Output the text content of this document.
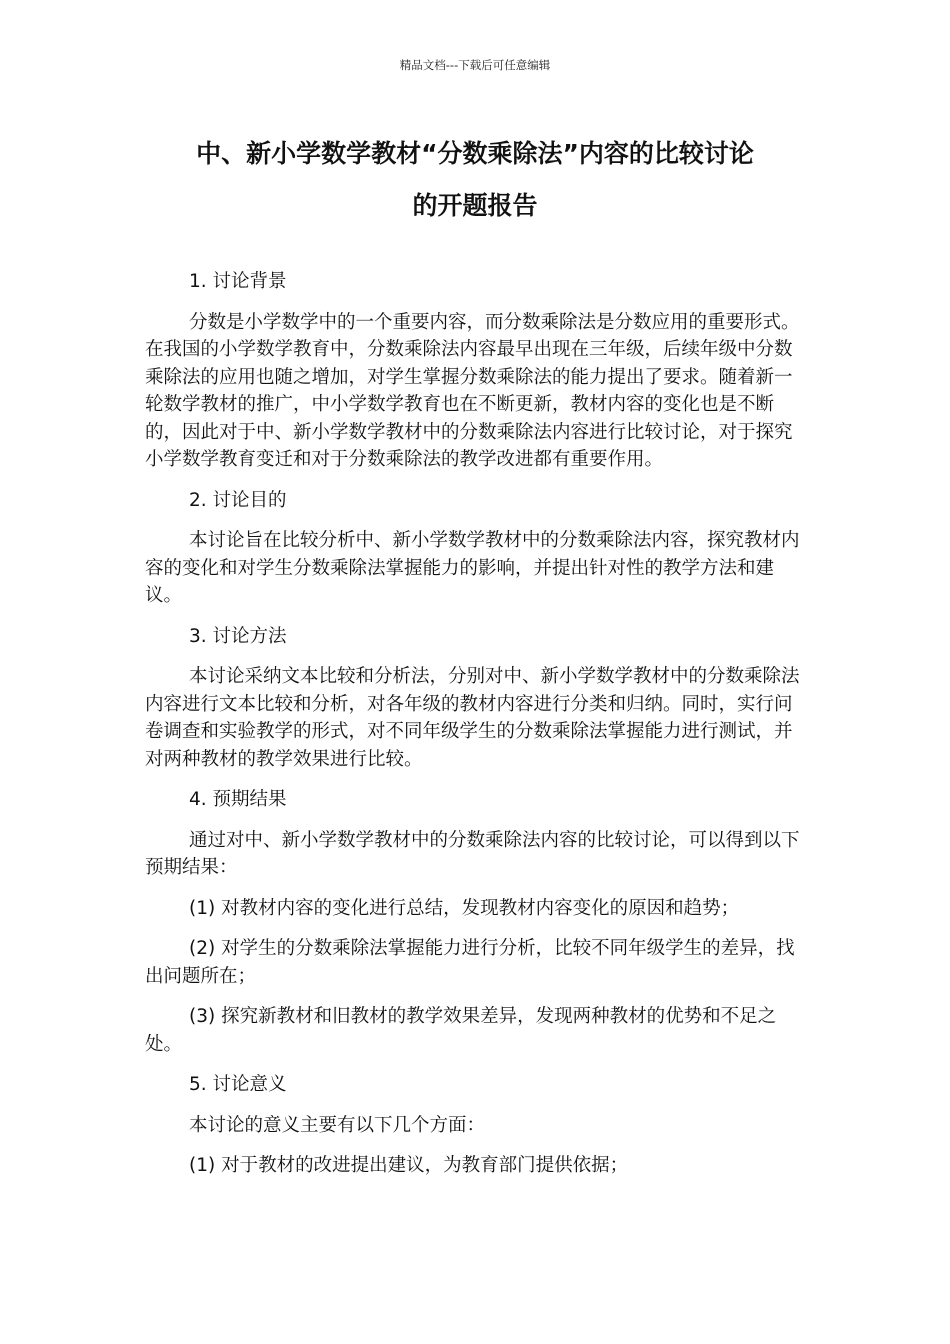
精品文档---下载后可任意编辑
中、新小学数学教材“分数乘除法”内容的比较讨论
的开题报告

1. 讨论背景

分数是小学数学中的一个重要内容，而分数乘除法是分数应用的重要形式。在我国的小学数学教育中，分数乘除法内容最早出现在三年级，后续年级中分数乘除法的应用也随之增加，对学生掌握分数乘除法的能力提出了要求。随着新一轮数学教材的推广，中小学数学教育也在不断更新，教材内容的变化也是不断的，因此对于中、新小学数学教材中的分数乘除法内容进行比较讨论，对于探究小学数学教育变迁和对于分数乘除法的教学改进都有重要作用。

2. 讨论目的

本讨论旨在比较分析中、新小学数学教材中的分数乘除法内容，探究教材内容的变化和对学生分数乘除法掌握能力的影响，并提出针对性的教学方法和建议。

3. 讨论方法

本讨论采纳文本比较和分析法，分别对中、新小学数学教材中的分数乘除法内容进行文本比较和分析，对各年级的教材内容进行分类和归纳。同时，实行问卷调查和实验教学的形式，对不同年级学生的分数乘除法掌握能力进行测试，并对两种教材的教学效果进行比较。

4. 预期结果

通过对中、新小学数学教材中的分数乘除法内容的比较讨论，可以得到以下预期结果：

(1) 对教材内容的变化进行总结，发现教材内容变化的原因和趋势；

(2) 对学生的分数乘除法掌握能力进行分析，比较不同年级学生的差异，找出问题所在；

(3) 探究新教材和旧教材的教学效果差异，发现两种教材的优势和不足之处。

5. 讨论意义

本讨论的意义主要有以下几个方面：

(1) 对于教材的改进提出建议，为教育部门提供依据；
